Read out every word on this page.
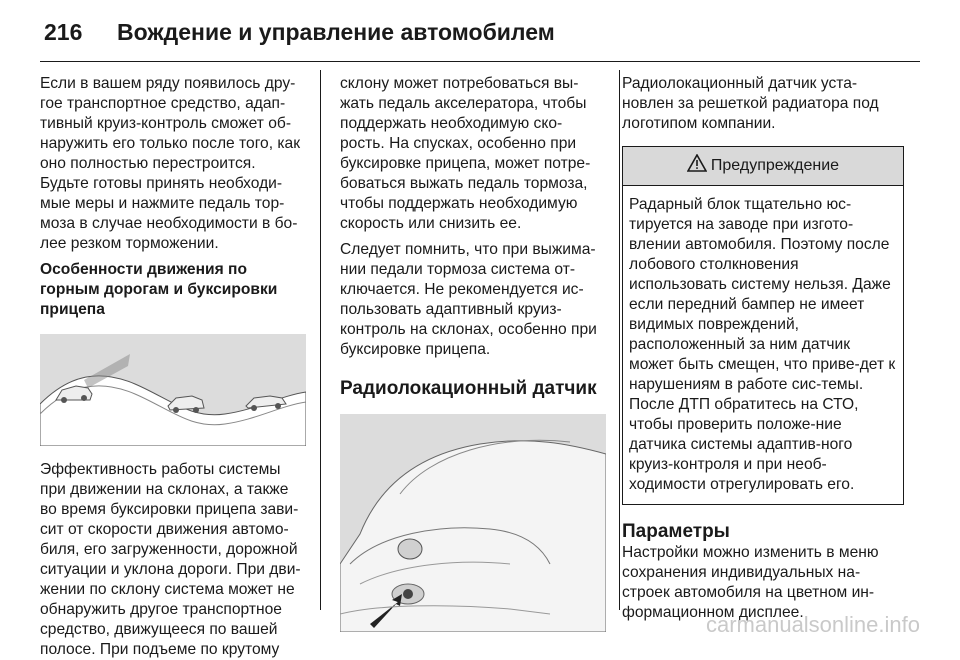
216 Вождение и управление автомобилем

Если в вашем ряду появилось дру-гое транспортное средство, адап-тивный круиз-контроль сможет об-наружить его только после того, как оно полностью перестроится. Будьте готовы принять необходи-мые меры и нажмите педаль тор-моза в случае необходимости в бо-лее резком торможении.

Особенности движения по горным дорогам и буксировки прицепа

Эффективность работы системы при движении на склонах, а также во время буксировки прицепа зави-сит от скорости движения автомо-биля, его загруженности, дорожной ситуации и уклона дороги. При дви-жении по склону система может не обнаружить другое транспортное средство, движущееся по вашей полосе. При подъеме по крутому

склону может потребоваться вы-жать педаль акселератора, чтобы поддержать необходимую ско-рость. На спусках, особенно при буксировке прицепа, может потре-боваться выжать педаль тормоза, чтобы поддержать необходимую скорость или снизить ее.

Следует помнить, что при выжима-нии педали тормоза система от-ключается. Не рекомендуется ис-пользовать адаптивный круиз-контроль на склонах, особенно при буксировке прицепа.

Радиолокационный датчик

Радиолокационный датчик уста-новлен за решеткой радиатора под логотипом компании.

Предупреждение
Радарный блок тщательно юс-тируется на заводе при изгото-влении автомобиля. Поэтому после лобового столкновения использовать систему нельзя. Даже если передний бампер не имеет видимых повреждений, расположенный за ним датчик может быть смещен, что приве-дет к нарушениям в работе сис-темы. После ДТП обратитесь на СТО, чтобы проверить положе-ние датчика системы адаптив-ного круиз-контроля и при необ-ходимости отрегулировать его.

Параметры

Настройки можно изменить в меню сохранения индивидуальных на-строек автомобиля на цветном ин-формационном дисплее.

carmanualsonline.info
